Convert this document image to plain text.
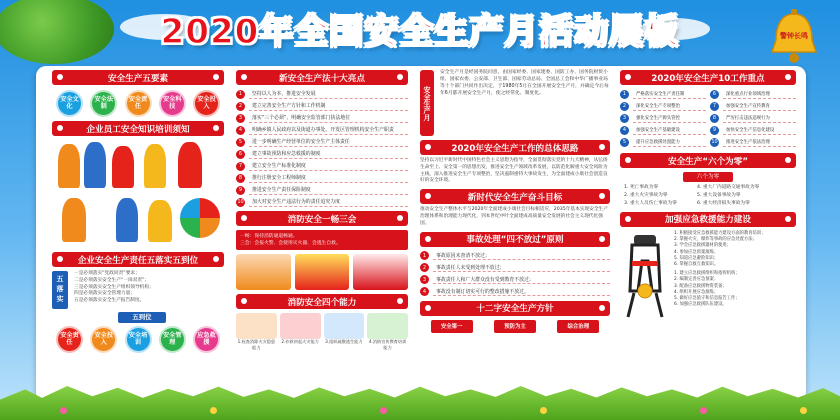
2020年全国安全生产月活动展板	警钟长鸣
安全生产五要素
安全文化
安全法制
安全责任
安全科技
安全投入
企业员工安全知识培训须知
企业安全生产责任五落实五到位
五
落
实
一是必须落实“党政同责”要求；
二是必须落实安全生产“一岗双责”；
三是必须落实安全生产组织领导机构；
四是必须落实安全管理力量；
五是必须落实安全生产报告制度。
五到位
安全责任
安全投入
安全培训
安全管理
应急救援
新安全生产法十大亮点
1	坚持以人为本，推进安全发展
2	建立完善安全生产方针和工作机制
3	落实“三个必须”，明确安全监管部门执法地位
4	明确乡镇人民政府以及街道办事处、开发区管理机构安全生产职责
5	进一步明确生产经营单位的安全生产主体责任
6	建立事故预防和应急救援的制度
7	建立安全生产标准化制度
8	推行注册安全工程师制度
9	推进安全生产责任保险制度
10	加大对安全生产违法行为的责任追究力度
消防安全一畅三会
一畅：保持消防通道畅通。
三会：会报火警、会使用灭火器、会逃生自救。
消防安全四个能力
1.检查消除火灾隐患能力
2.扑救初起火灾能力	3.组织疏散逃生能力	4.消防宣传教育培训能力
安全生产月
安全生产月是经国务院同意，由国家经委、国家建委、国防工办、国务院财贸小组、国家农委、公安部、卫生部、国家劳动总局、全国总工会和中华广播事业局等十个部门共同作出决定，于1980年5月在全国开展安全生产月，并确定今后每年6月都开展安全生产月，使之经常化、制度化。
2020年安全生产工作的总体思路
坚持以习近平新时代中国特色社会主义思想为指导，全面贯彻落实党的十九大精神，从弘扬生命至上、安全第一的思想出发，推进安全生产领域改革发展，以防范化解重大安全风险为主线，深入推进安全生产专项整治，坚决遏制重特大事故发生，为全面建成小康社会创造良好的安全环境。
新时代安全生产奋斗目标
推动安全生产整体水平与2020年全面建成小康社会目标相适应，2035年基本实现安全生产治理体系和治理能力现代化，到本世纪中叶全面建成高质量安全发展的社会主义现代化强国。
事故处理“四不放过”原则
1	事故原因未查清不放过；
2	事故责任人未受到处理不放过；
3	事故责任人和广大群众没有受到教育不放过；
4	事故没有制订切实可行的整改措施不放过。
十二字安全生产方针
安全第一	预防为主	综合治理
2020年安全生产10工作重点
1	严格落实安全生产责任制
2	深化安全生产专项整治
3	强化安全生产源头管控
4	加强安全生产基础建设
5	提升应急救援处置能力
6	深化重点行业领域治理
7	加强安全生产宣传教育
8	严厉打击违法违规行为
9	加快安全生产信息化建设
10	推进安全生产依法治理
安全生产“六个为零”
六个为零
1. 死亡事故为零	4. 重大厂内道路交通事故为零
2. 重大火灾事故为零	5. 重大设备事故为零
3. 重大人员伤亡事故为零	6. 重大经济损失事故为零
加强应急救援能力建设
1. 积极接受应急救援能力建设方面的教育培训；
2. 掌握火灾、爆炸等事故的应急处置方法；
3. 学会应急救援器材的使用；
4. 参加应急预案演练；
5. 知道应急避险知识；
6. 掌握自救互救知识。
1. 建立应急救援组织和指挥机构；
2. 编制完善应急预案；
3. 配备应急救援物资装备；
4. 组织开展应急演练；
5. 做好应急值守和信息报告工作；
6. 加强应急救援队伍建设。
